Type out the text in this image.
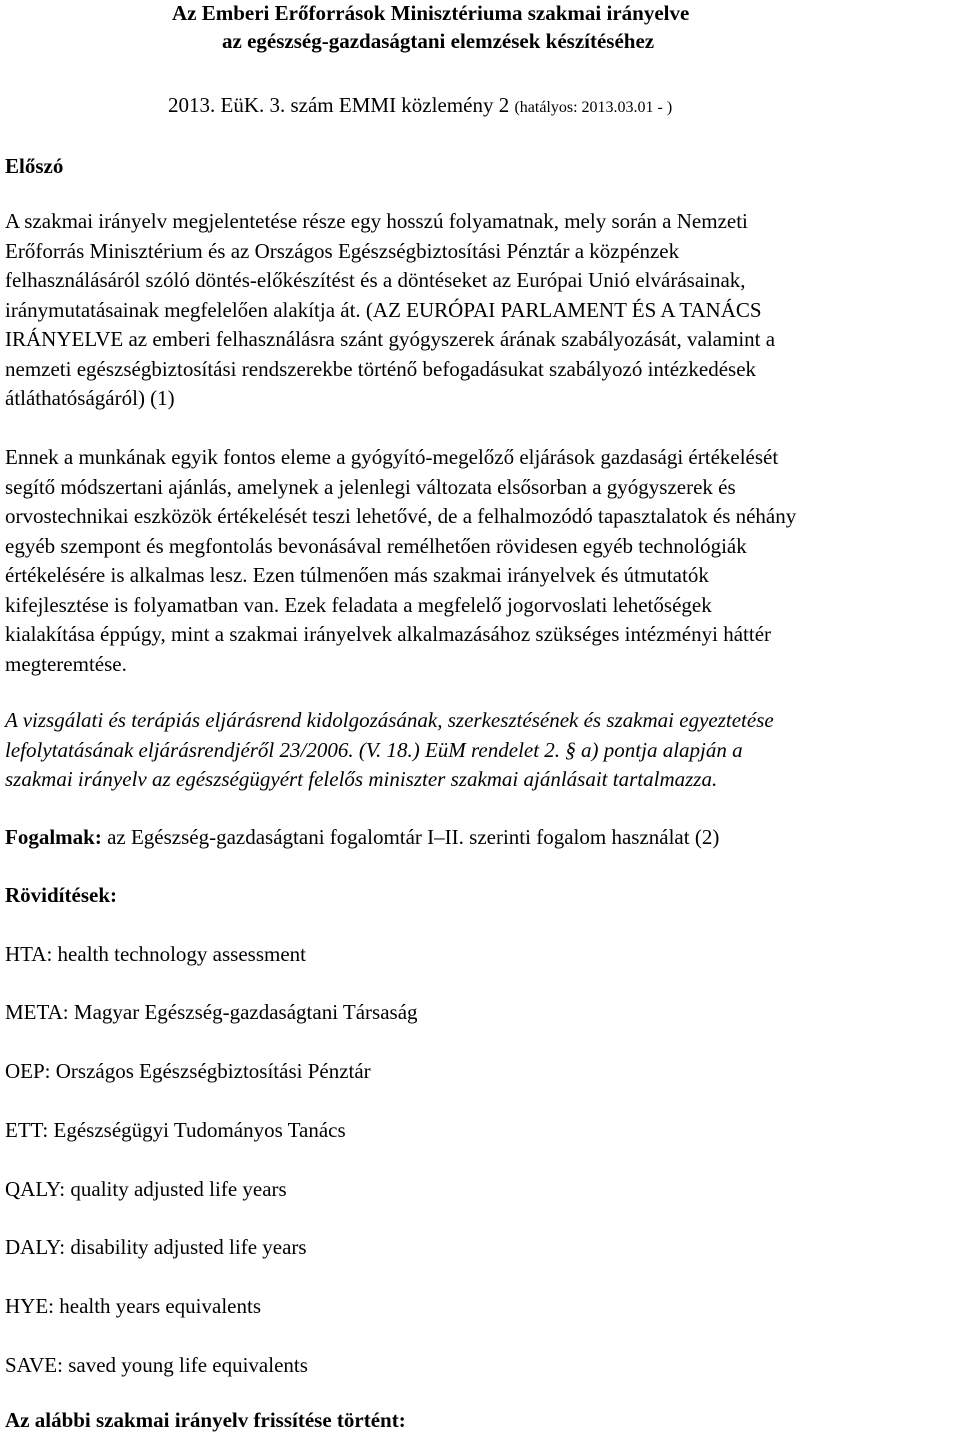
Az Emberi Erőforrások Minisztériuma szakmai irányelve
az egészség-gazdaságtani elemzések készítéséhez
2013. EüK. 3. szám EMMI közlemény 2 (hatályos: 2013.03.01 - )
Előszó
A szakmai irányelv megjelentetése része egy hosszú folyamatnak, mely során a Nemzeti
Erőforrás Minisztérium és az Országos Egészségbiztosítási Pénztár a közpénzek
felhasználásáról szóló döntés-előkészítést és a döntéseket az Európai Unió elvárásainak,
iránymutatásainak megfelelően alakítja át. (AZ EURÓPAI PARLAMENT ÉS A TANÁCS
IRÁNYELVE az emberi felhasználásra szánt gyógyszerek árának szabályozását, valamint a
nemzeti egészségbiztosítási rendszerekbe történő befogadásukat szabályozó intézkedések
átláthatóságáról) (1)
Ennek a munkának egyik fontos eleme a gyógyító-megelőző eljárások gazdasági értékelését
segítő módszertani ajánlás, amelynek a jelenlegi változata elsősorban a gyógyszerek és
orvostechnikai eszközök értékelését teszi lehetővé, de a felhalmozódó tapasztalatok és néhány
egyéb szempont és megfontolás bevonásával remélhetően rövidesen egyéb technológiák
értékelésére is alkalmas lesz. Ezen túlmenően más szakmai irányelvek és útmutatók
kifejlesztése is folyamatban van. Ezek feladata a megfelelő jogorvoslati lehetőségek
kialakítása éppúgy, mint a szakmai irányelvek alkalmazásához szükséges intézményi háttér
megteremtése.
A vizsgálati és terápiás eljárásrend kidolgozásának, szerkesztésének és szakmai egyeztetése
lefolytatásának eljárásrendjéről 23/2006. (V. 18.) EüM rendelet 2. § a) pontja alapján a
szakmai irányelv az egészségügyért felelős miniszter szakmai ajánlásait tartalmazza.
Fogalmak: az Egészség-gazdaságtani fogalomtár I–II. szerinti fogalom használat (2)
Rövidítések:
HTA: health technology assessment
META: Magyar Egészség-gazdaságtani Társaság
OEP: Országos Egészségbiztosítási Pénztár
ETT: Egészségügyi Tudományos Tanács
QALY: quality adjusted life years
DALY: disability adjusted life years
HYE: health years equivalents
SAVE: saved young life equivalents
Az alábbi szakmai irányelv frissítése történt:
